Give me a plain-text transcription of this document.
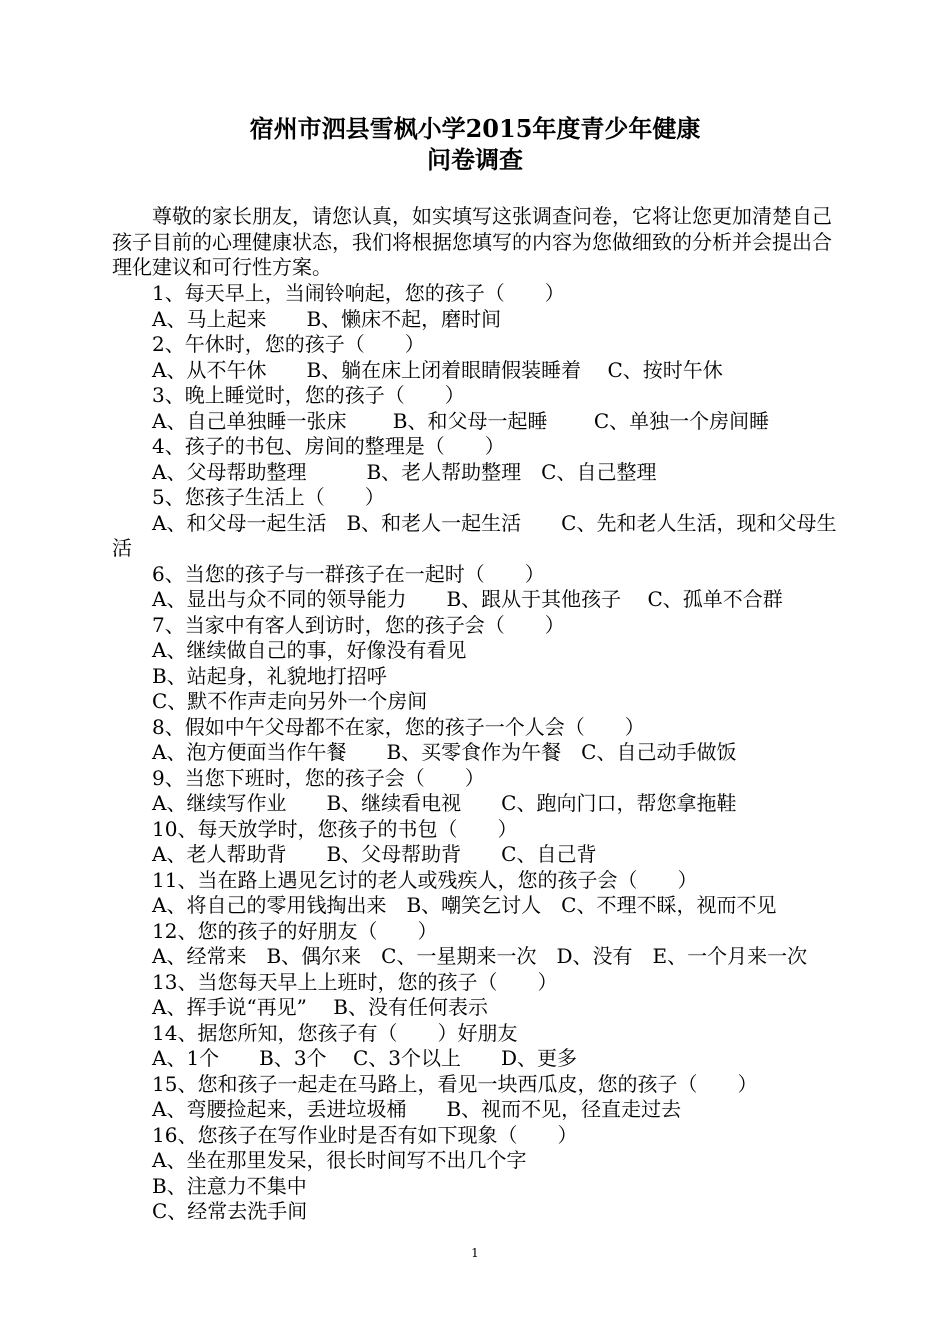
宿州市泗县雪枫小学2015年度青少年健康
问卷调查

尊敬的家长朋友，请您认真，如实填写这张调查问卷，它将让您更加清楚自己孩子目前的心理健康状态，我们将根据您填写的内容为您做细致的分析并会提出合理化建议和可行性方案。

1、每天早上，当闹铃响起，您的孩子（　　）
A、马上起来　　B、懒床不起，磨时间
2、午休时，您的孩子（　　）
A、从不午休　　B、躺在床上闭着眼睛假装睡着　 C、按时午休
3、晚上睡觉时，您的孩子（　　）
A、自己单独睡一张床　　 B、和父母一起睡　　 C、单独一个房间睡
4、孩子的书包、房间的整理是（　　）
A、父母帮助整理　　　B、老人帮助整理　C、自己整理
5、您孩子生活上（　　）
A、和父母一起生活　B、和老人一起生活　　C、先和老人生活，现和父母生活
6、当您的孩子与一群孩子在一起时（　　）
A、显出与众不同的领导能力　　B、跟从于其他孩子　 C、孤单不合群
7、当家中有客人到访时，您的孩子会（　　）
A、继续做自己的事，好像没有看见
B、站起身，礼貌地打招呼
C、默不作声走向另外一个房间
8、假如中午父母都不在家，您的孩子一个人会（　　）
A、泡方便面当作午餐　　B、买零食作为午餐　C、自己动手做饭
9、当您下班时，您的孩子会（　　）
A、继续写作业　　B、继续看电视　　C、跑向门口，帮您拿拖鞋
10、每天放学时，您孩子的书包（　　）
A、老人帮助背　　B、父母帮助背　　C、自己背
11、当在路上遇见乞讨的老人或残疾人，您的孩子会（　　）
A、将自己的零用钱掏出来　B、嘲笑乞讨人　C、不理不睬，视而不见
12、您的孩子的好朋友（　　）
A、经常来　B、偶尔来　C、一星期来一次　D、没有　E、一个月来一次
13、当您每天早上上班时，您的孩子（　　）
A、挥手说“再见”　 B、没有任何表示
14、据您所知，您孩子有（　　）好朋友
A、1个　　B、3个　 C、3个以上　　D、更多
15、您和孩子一起走在马路上，看见一块西瓜皮，您的孩子（　　）
A、弯腰捡起来，丢进垃圾桶　　B、视而不见，径直走过去
16、您孩子在写作业时是否有如下现象（　　）
A、坐在那里发呆，很长时间写不出几个字
B、注意力不集中
C、经常去洗手间
1
